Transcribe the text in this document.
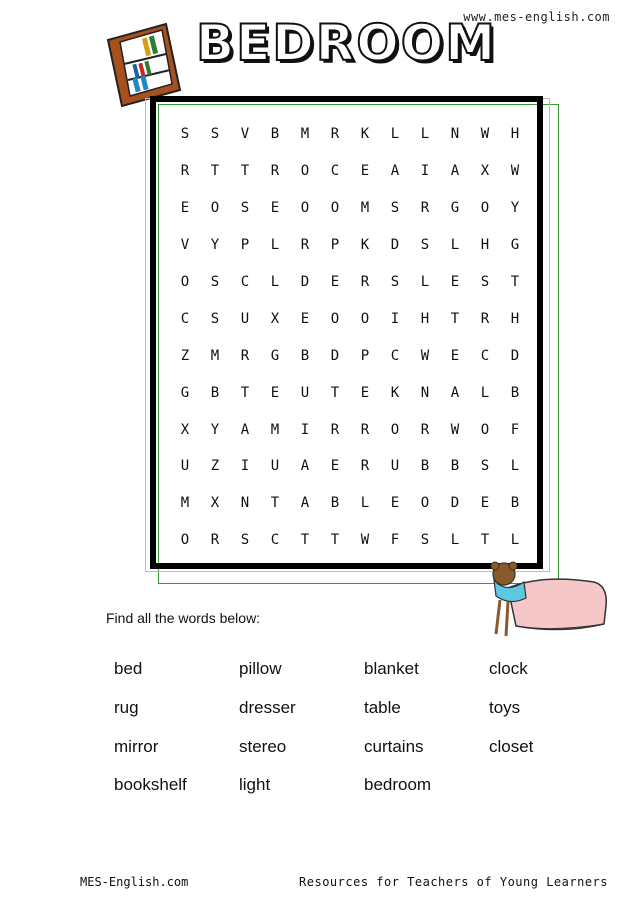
www.mes-english.com
BEDROOM
S	S	V	B	M	R	K	L	L	N	W	H
R	T	T	R	O	C	E	A	I	A	X	W
E	O	S	E	O	O	M	S	R	G	O	Y
V	Y	P	L	R	P	K	D	S	L	H	G
O	S	C	L	D	E	R	S	L	E	S	T
C	S	U	X	E	O	O	I	H	T	R	H
Z	M	R	G	B	D	P	C	W	E	C	D
G	B	T	E	U	T	E	K	N	A	L	B
X	Y	A	M	I	R	R	O	R	W	O	F
U	Z	I	U	A	E	R	U	B	B	S	L
M	X	N	T	A	B	L	E	O	D	E	B
O	R	S	C	T	T	W	F	S	L	T	L

Find all the words below:

bed	pillow	blanket	clock
rug	dresser	table	toys
mirror	stereo	curtains	closet
bookshelf	light	bedroom
MES-English.com	Resources for Teachers of Young Learners
